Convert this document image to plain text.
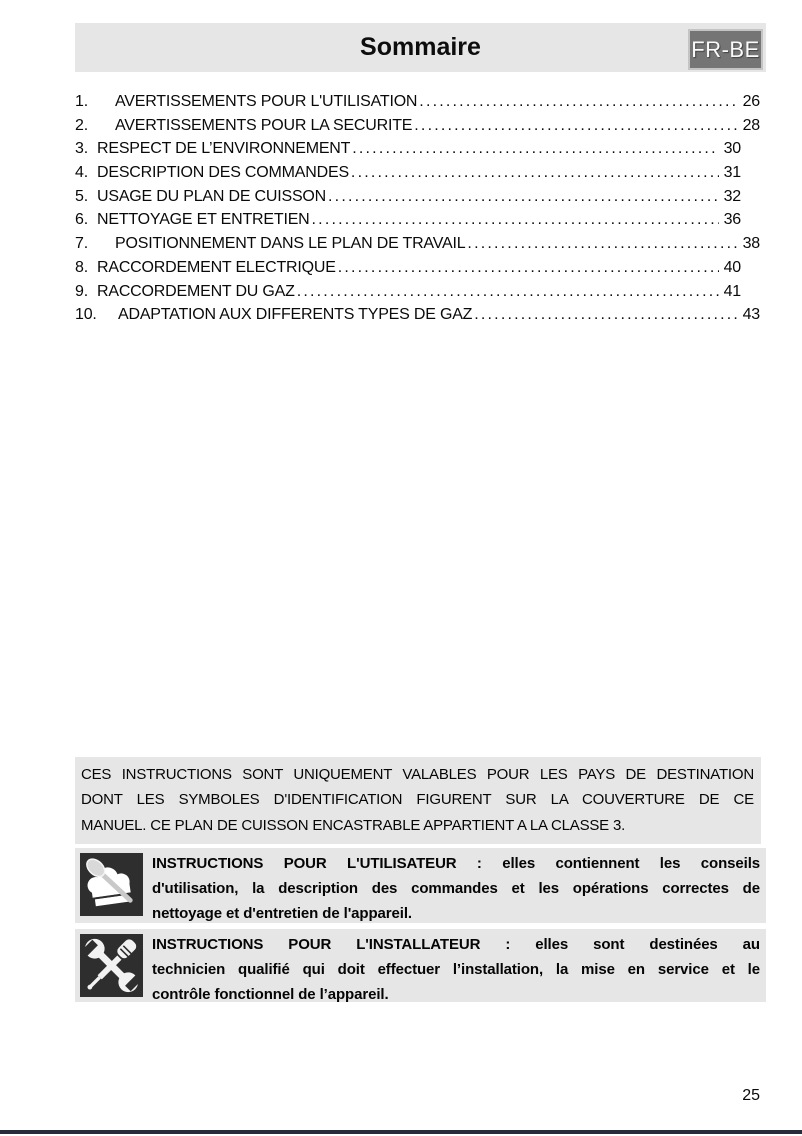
Sommaire	FR-BE
1.	AVERTISSEMENTS POUR L'UTILISATION .....	26
2.	AVERTISSEMENTS POUR LA SECURITE .....	28
3. RESPECT DE L’ENVIRONNEMENT .....	30
4. DESCRIPTION DES COMMANDES .....	31
5. USAGE DU PLAN DE CUISSON .....	32
6. NETTOYAGE ET ENTRETIEN .....	36
7.	POSITIONNEMENT DANS LE PLAN DE TRAVAIL .....	38
8. RACCORDEMENT ELECTRIQUE .....	40
9. RACCORDEMENT DU GAZ .....	41
10.	ADAPTATION AUX DIFFERENTS TYPES DE GAZ .....	43
CES INSTRUCTIONS SONT UNIQUEMENT VALABLES POUR LES PAYS DE DESTINATION
DONT LES SYMBOLES D'IDENTIFICATION FIGURENT SUR LA COUVERTURE DE CE
MANUEL. CE PLAN DE CUISSON ENCASTRABLE APPARTIENT A LA CLASSE 3.
INSTRUCTIONS POUR L'UTILISATEUR : elles contiennent les conseils
d'utilisation, la description des commandes et les opérations correctes de
nettoyage et d'entretien de l'appareil.
INSTRUCTIONS POUR L'INSTALLATEUR : elles sont destinées au
technicien qualifié qui doit effectuer l’installation, la mise en service et le
contrôle fonctionnel de l’appareil.
25
